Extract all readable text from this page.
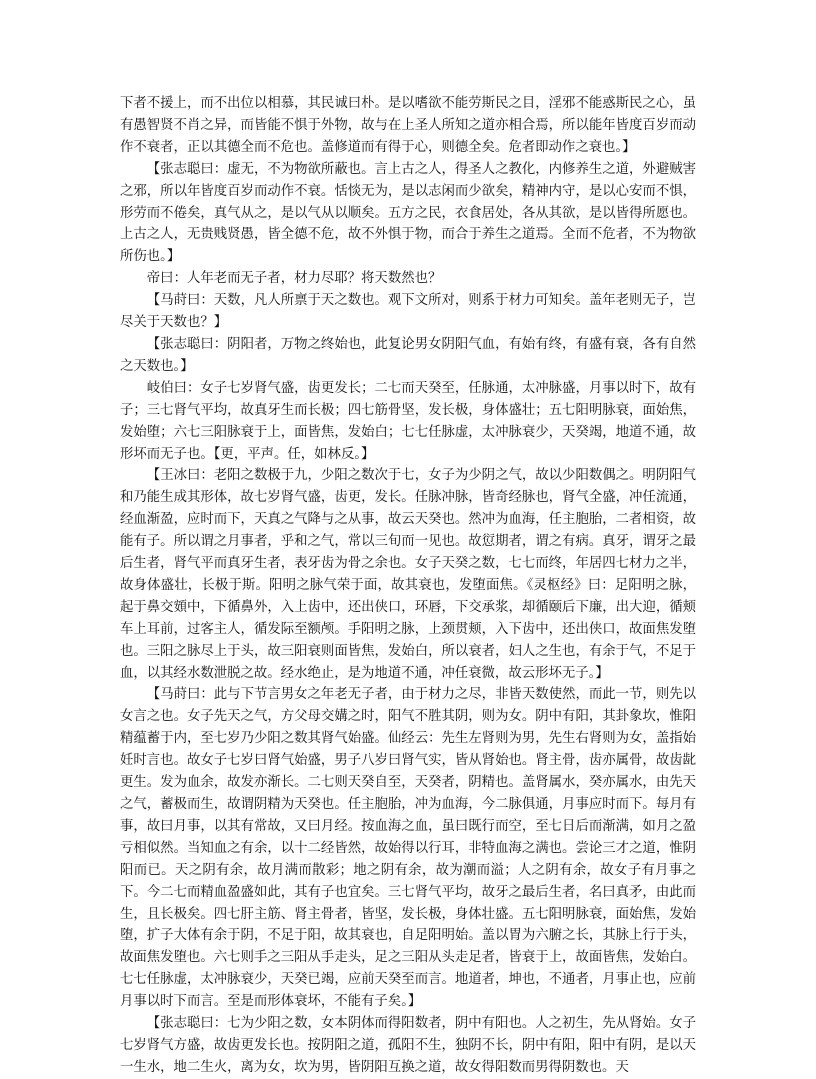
下者不援上，而不出位以相慕，其民诚曰朴。是以嗜欲不能劳斯民之目，淫邪不能惑斯民之心，虽有愚智贤不肖之异，而皆能不惧于外物，故与在上圣人所知之道亦相合焉，所以能年皆度百岁而动作不衰者，正以其德全而不危也。盖修道而有得于心，则德全矣。危者即动作之衰也。】

【张志聪曰：虚无，不为物欲所蔽也。言上古之人，得圣人之教化，内修养生之道，外避贼害之邪，所以年皆度百岁而动作不衰。恬惔无为，是以志闲而少欲矣，精神内守，是以心安而不惧，形劳而不倦矣，真气从之，是以气从以顺矣。五方之民，衣食居处，各从其欲，是以皆得所愿也。上古之人，无贵贱贤愚，皆全德不危，故不外惧于物，而合于养生之道焉。全而不危者，不为物欲所伤也。】

帝曰：人年老而无子者，材力尽耶？将天数然也？

【马莳曰：天数，凡人所禀于天之数也。观下文所对，则系于材力可知矣。盖年老则无子，岂尽关于天数也？】

【张志聪曰：阴阳者，万物之终始也，此复论男女阴阳气血，有始有终，有盛有衰，各有自然之天数也。】

岐伯曰：女子七岁肾气盛，齿更发长；二七而天癸至，任脉通，太冲脉盛，月事以时下，故有子；三七肾气平均，故真牙生而长极；四七筋骨坚，发长极，身体盛壮；五七阳明脉衰，面始焦，发始堕；六七三阳脉衰于上，面皆焦，发始白；七七任脉虚，太冲脉衰少，天癸竭，地道不通，故形坏而无子也。【更，平声。任，如林反。】

【王冰曰：老阳之数极于九，少阳之数次于七，女子为少阴之气，故以少阳数偶之。明阴阳气和乃能生成其形体，故七岁肾气盛，齿更，发长。任脉冲脉，皆奇经脉也，肾气全盛，冲任流通，经血渐盈，应时而下，天真之气降与之从事，故云天癸也。然冲为血海，任主胞胎，二者相资，故能有子。所以谓之月事者，乎和之气，常以三旬而一见也。故愆期者，谓之有病。真牙，谓牙之最后生者，肾气平而真牙生者，表牙齿为骨之余也。女子天癸之数，七七而终，年居四七材力之半，故身体盛壮，长极于斯。阳明之脉气荣于面，故其衰也，发堕面焦。《灵枢经》曰：足阳明之脉，起于鼻交頞中，下循鼻外，入上齿中，还出侠口，环唇，下交承浆，却循颐后下廉，出大迎，循颊车上耳前，过客主人，循发际至额颅。手阳明之脉，上颈贯颊，入下齿中，还出侠口，故面焦发堕也。三阳之脉尽上于头，故三阳衰则面皆焦，发始白，所以衰者，妇人之生也，有余于气，不足于血，以其经水数泄脱之故。经水绝止，是为地道不通，冲任衰微，故云形坏无子。】

【马莳曰：此与下节言男女之年老无子者，由于材力之尽，非皆天数使然，而此一节，则先以女言之也。女子先天之气，方父母交媾之时，阳气不胜其阴，则为女。阴中有阳，其卦象坎，惟阳精蕴蓄于内，至七岁乃少阳之数其肾气始盛。仙经云：先生左肾则为男，先生右肾则为女，盖指始妊时言也。故女子七岁曰肾气始盛，男子八岁曰肾气实，皆从肾始也。肾主骨，齿亦属骨，故齿龀更生。发为血余，故发亦渐长。二七则天癸自至，天癸者，阴精也。盖肾属水，癸亦属水，由先天之气，蓄极而生，故谓阴精为天癸也。任主胞胎，冲为血海，今二脉俱通，月事应时而下。每月有事，故曰月事，以其有常故，又曰月经。按血海之血，虽曰既行而空，至七日后而渐满，如月之盈亏相似然。当知血之有余，以十二经皆然，故始得以行耳，非特血海之满也。尝论三才之道，惟阴阳而已。天之阴有余，故月满而散彩；地之阴有余，故为潮而溢；人之阴有余，故女子有月事之下。今二七而精血盈盛如此，其有子也宜矣。三七肾气平均，故牙之最后生者，名曰真矛，由此而生，且长极矣。四七肝主筋、肾主骨者，皆坚，发长极，身体壮盛。五七阳明脉衰，面始焦，发始堕，扩子大体有余于阴，不足于阳，故其衰也，自足阳明始。盖以胃为六腑之长，其脉上行于头，故面焦发堕也。六七则手之三阳从手走头，足之三阳从头走足者，皆衰于上，故面皆焦，发始白。七七任脉虚，太冲脉衰少，天癸已竭，应前天癸至而言。地道者，坤也，不通者，月事止也，应前月事以时下而言。至是而形体衰坏，不能有子矣。】

【张志聪曰：七为少阳之数，女本阴体而得阳数者，阴中有阳也。人之初生，先从肾始。女子七岁肾气方盛，故齿更发长也。按阴阳之道，孤阳不生，独阴不长，阴中有阳，阳中有阴，是以天一生水，地二生火，离为女，坎为男，皆阴阳互换之道，故女得阳数而男得阴数也。天
